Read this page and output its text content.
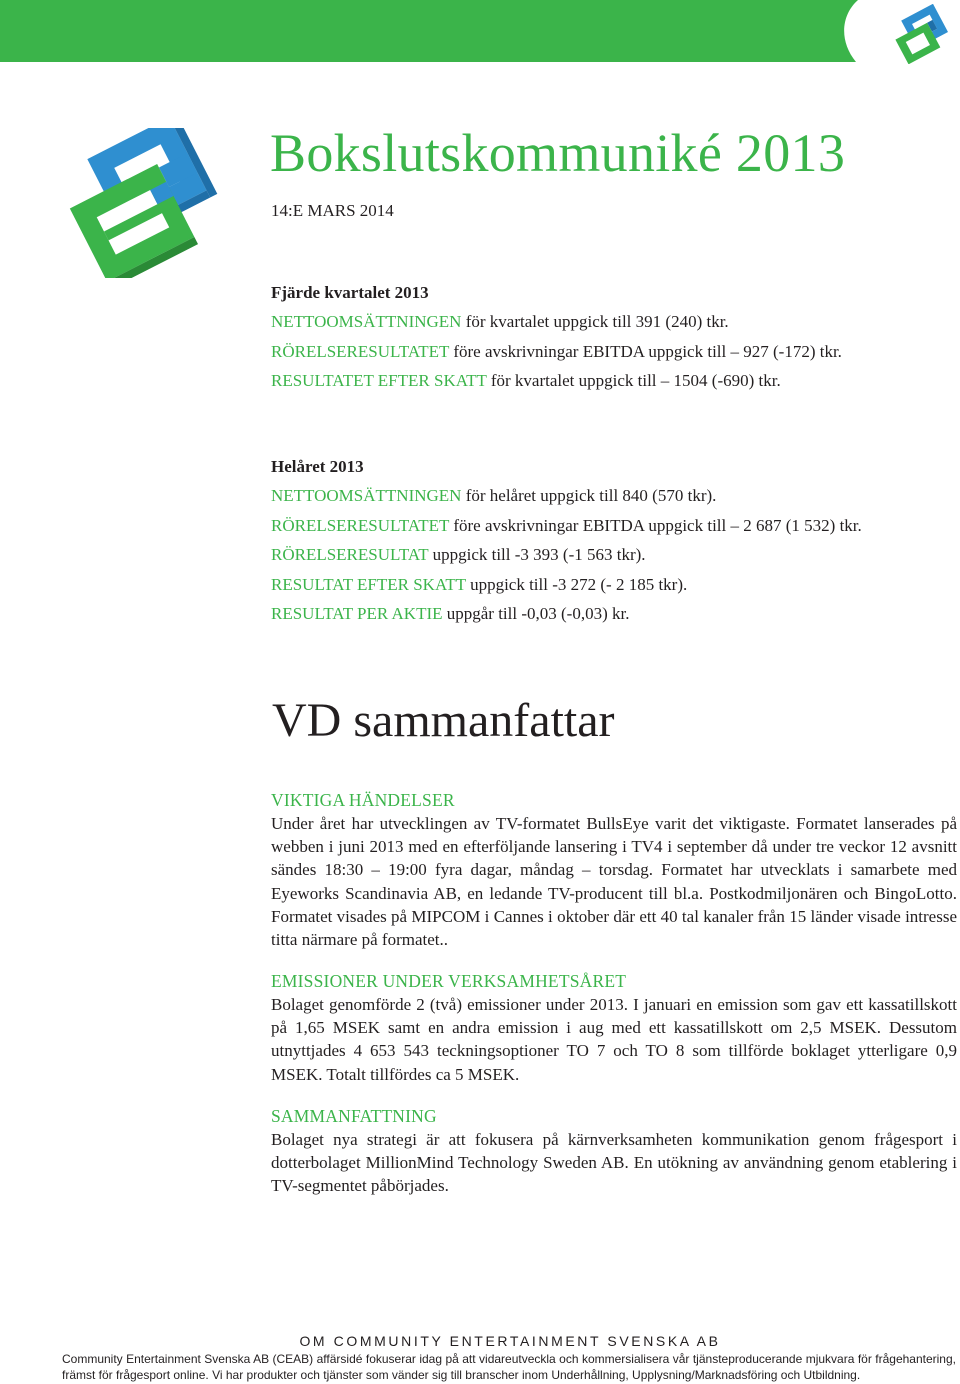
Bokslutskommuniké 2013
14:E MARS 2014
Fjärde kvartalet 2013
NETTOOMSÄTTNINGEN för kvartalet uppgick till 391 (240) tkr.
RÖRELSERESULTATET före avskrivningar EBITDA uppgick till – 927 (-172) tkr.
RESULTATET EFTER SKATT för kvartalet uppgick till – 1504 (-690) tkr.
Helåret 2013
NETTOOMSÄTTNINGEN för helåret uppgick till 840 (570 tkr).
RÖRELSERESULTATET före avskrivningar EBITDA uppgick till – 2 687 (1 532) tkr.
RÖRELSERESULTAT uppgick till -3 393 (-1 563 tkr).
RESULTAT EFTER SKATT uppgick till -3 272 (- 2 185 tkr).
RESULTAT PER AKTIE uppgår till -0,03 (-0,03) kr.
VD sammanfattar
VIKTIGA HÄNDELSER

Under året har utvecklingen av TV-formatet BullsEye varit det viktigaste. Formatet lanserades på webben i juni 2013 med en efterföljande lansering i TV4 i september då under tre veckor 12 avsnitt sändes 18:30 – 19:00 fyra dagar, måndag – torsdag. Formatet har utvecklats i samarbete med Eyeworks Scandinavia AB, en ledande TV-producent till bl.a. Postkodmiljonären och BingoLotto. Formatet visades på MIPCOM i Cannes i oktober där ett 40 tal kanaler från 15 länder visade intresse titta närmare på formatet..

EMISSIONER UNDER VERKSAMHETSÅRET

Bolaget genomförde 2 (två) emissioner under 2013. I januari en emission som gav ett kassatillskott på 1,65 MSEK samt en andra emission i aug med ett kassatillskott om 2,5 MSEK. Dessutom utnyttjades 4 653 543 teckningsoptioner TO 7 och TO 8 som tillförde boklaget ytterligare 0,9 MSEK. Totalt tillfördes ca 5 MSEK.

SAMMANFATTNING

Bolaget nya strategi är att fokusera på kärnverksamheten kommunikation genom frågesport i dotterbolaget MillionMind Technology Sweden AB. En utökning av användning genom etablering i TV-segmentet påbörjades.

OM COMMUNITY ENTERTAINMENT SVENSKA AB
Community Entertainment Svenska AB (CEAB) affärsidé fokuserar idag på att vidareutveckla och kommersialisera vår tjänsteproducerande mjukvara för frågehantering, främst för frågesport online. Vi har produkter och tjänster som vänder sig till branscher inom Underhållning, Upplysning/Marknadsföring och Utbildning.
